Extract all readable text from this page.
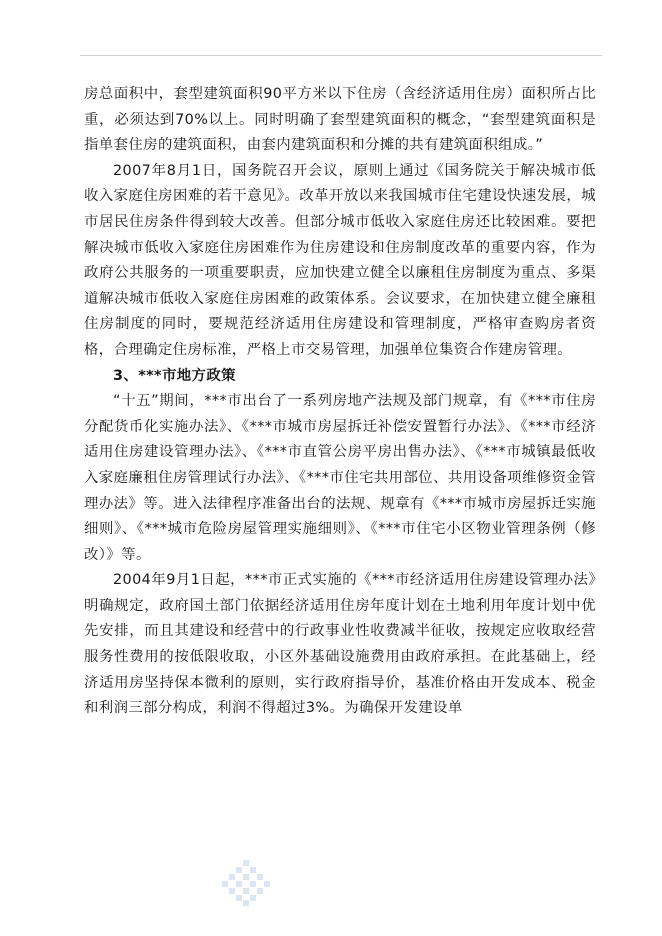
房总面积中，套型建筑面积90平方米以下住房（含经济适用住房）面积所占比重，必须达到70%以上。同时明确了套型建筑面积的概念，“套型建筑面积是指单套住房的建筑面积，由套内建筑面积和分摊的共有建筑面积组成。”

2007年8月1日，国务院召开会议，原则上通过《国务院关于解决城市低收入家庭住房困难的若干意见》。改革开放以来我国城市住宅建设快速发展，城市居民住房条件得到较大改善。但部分城市低收入家庭住房还比较困难。要把解决城市低收入家庭住房困难作为住房建设和住房制度改革的重要内容，作为政府公共服务的一项重要职责，应加快建立健全以廉租住房制度为重点、多渠道解决城市低收入家庭住房困难的政策体系。会议要求，在加快建立健全廉租住房制度的同时，要规范经济适用住房建设和管理制度，严格审查购房者资格，合理确定住房标准，严格上市交易管理，加强单位集资合作建房管理。

3、***市地方政策

“十五”期间，***市出台了一系列房地产法规及部门规章，有《***市住房分配货币化实施办法》、《***市城市房屋拆迁补偿安置暂行办法》、《***市经济适用住房建设管理办法》、《***市直管公房平房出售办法》、《***市城镇最低收入家庭廉租住房管理试行办法》、《***市住宅共用部位、共用设备项维修资金管理办法》等。进入法律程序准备出台的法规、规章有《***市城市房屋拆迁实施细则》、《***城市危险房屋管理实施细则》、《***市住宅小区物业管理条例（修改）》等。

2004年9月1日起，***市正式实施的《***市经济适用住房建设管理办法》明确规定，政府国土部门依据经济适用住房年度计划在土地利用年度计划中优先安排，而且其建设和经营中的行政事业性收费减半征收，按规定应收取经营服务性费用的按低限收取，小区外基础设施费用由政府承担。在此基础上，经济适用房坚持保本微利的原则，实行政府指导价，基准价格由开发成本、税金和利润三部分构成，利润不得超过3%。为确保开发建设单
